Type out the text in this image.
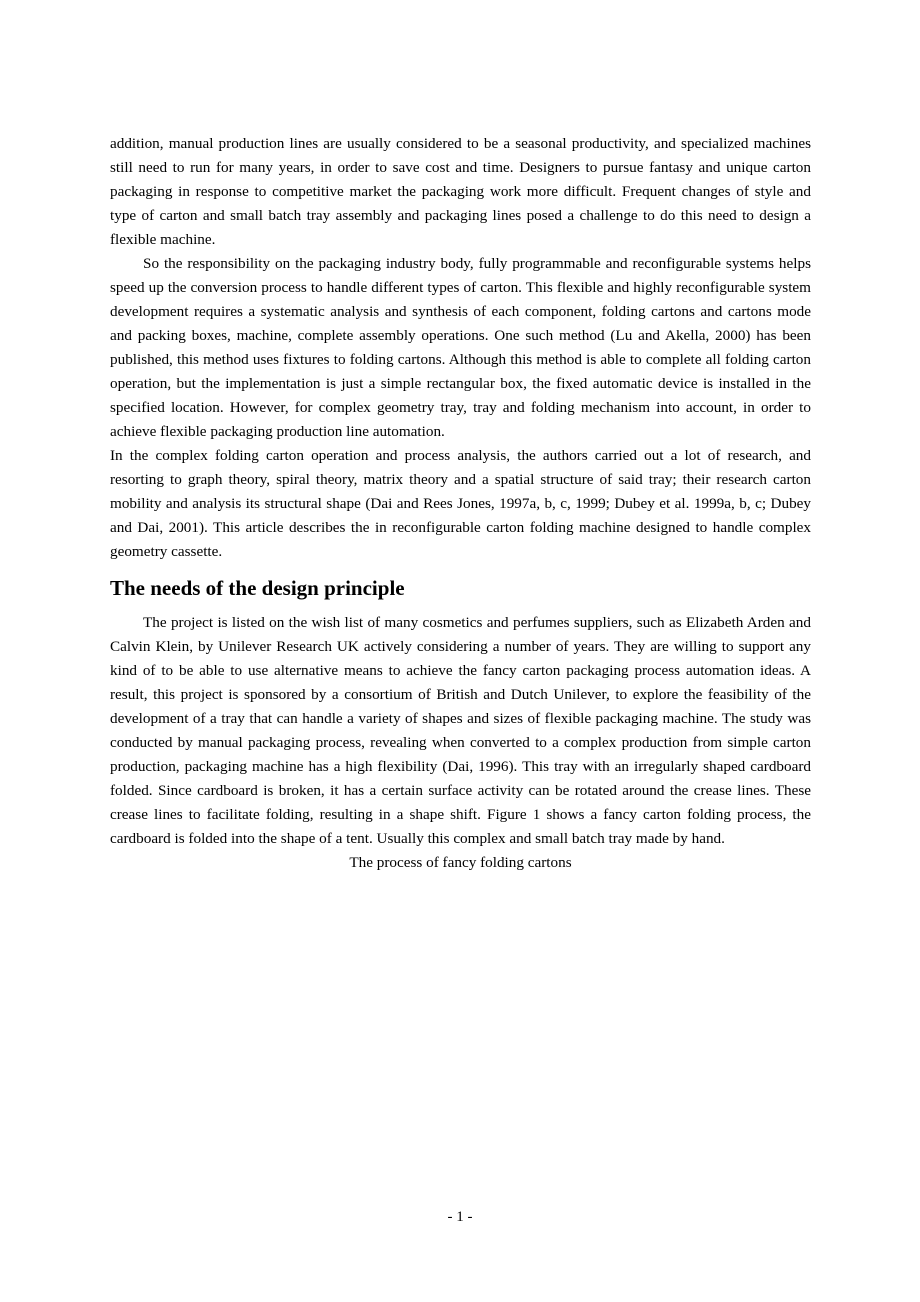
addition, manual production lines are usually considered to be a seasonal productivity, and specialized machines still need to run for many years, in order to save cost and time. Designers to pursue fantasy and unique carton packaging in response to competitive market the packaging work more difficult. Frequent changes of style and type of carton and small batch tray assembly and packaging lines posed a challenge to do this need to design a flexible machine.

So the responsibility on the packaging industry body, fully programmable and reconfigurable systems helps speed up the conversion process to handle different types of carton. This flexible and highly reconfigurable system development requires a systematic analysis and synthesis of each component, folding cartons and cartons mode and packing boxes, machine, complete assembly operations. One such method (Lu and Akella, 2000) has been published, this method uses fixtures to folding cartons. Although this method is able to complete all folding carton operation, but the implementation is just a simple rectangular box, the fixed automatic device is installed in the specified location. However, for complex geometry tray, tray and folding mechanism into account, in order to achieve flexible packaging production line automation.

In the complex folding carton operation and process analysis, the authors carried out a lot of research, and resorting to graph theory, spiral theory, matrix theory and a spatial structure of said tray; their research carton mobility and analysis its structural shape (Dai and Rees Jones, 1997a, b, c, 1999; Dubey et al. 1999a, b, c; Dubey and Dai, 2001). This article describes the in reconfigurable carton folding machine designed to handle complex geometry cassette.

The needs of the design principle

The project is listed on the wish list of many cosmetics and perfumes suppliers, such as Elizabeth Arden and Calvin Klein, by Unilever Research UK actively considering a number of years. They are willing to support any kind of to be able to use alternative means to achieve the fancy carton packaging process automation ideas. A result, this project is sponsored by a consortium of British and Dutch Unilever, to explore the feasibility of the development of a tray that can handle a variety of shapes and sizes of flexible packaging machine. The study was conducted by manual packaging process, revealing when converted to a complex production from simple carton production, packaging machine has a high flexibility (Dai, 1996). This tray with an irregularly shaped cardboard folded. Since cardboard is broken, it has a certain surface activity can be rotated around the crease lines. These crease lines to facilitate folding, resulting in a shape shift. Figure 1 shows a fancy carton folding process, the cardboard is folded into the shape of a tent. Usually this complex and small batch tray made by hand.

The process of fancy folding cartons

- 1 -
